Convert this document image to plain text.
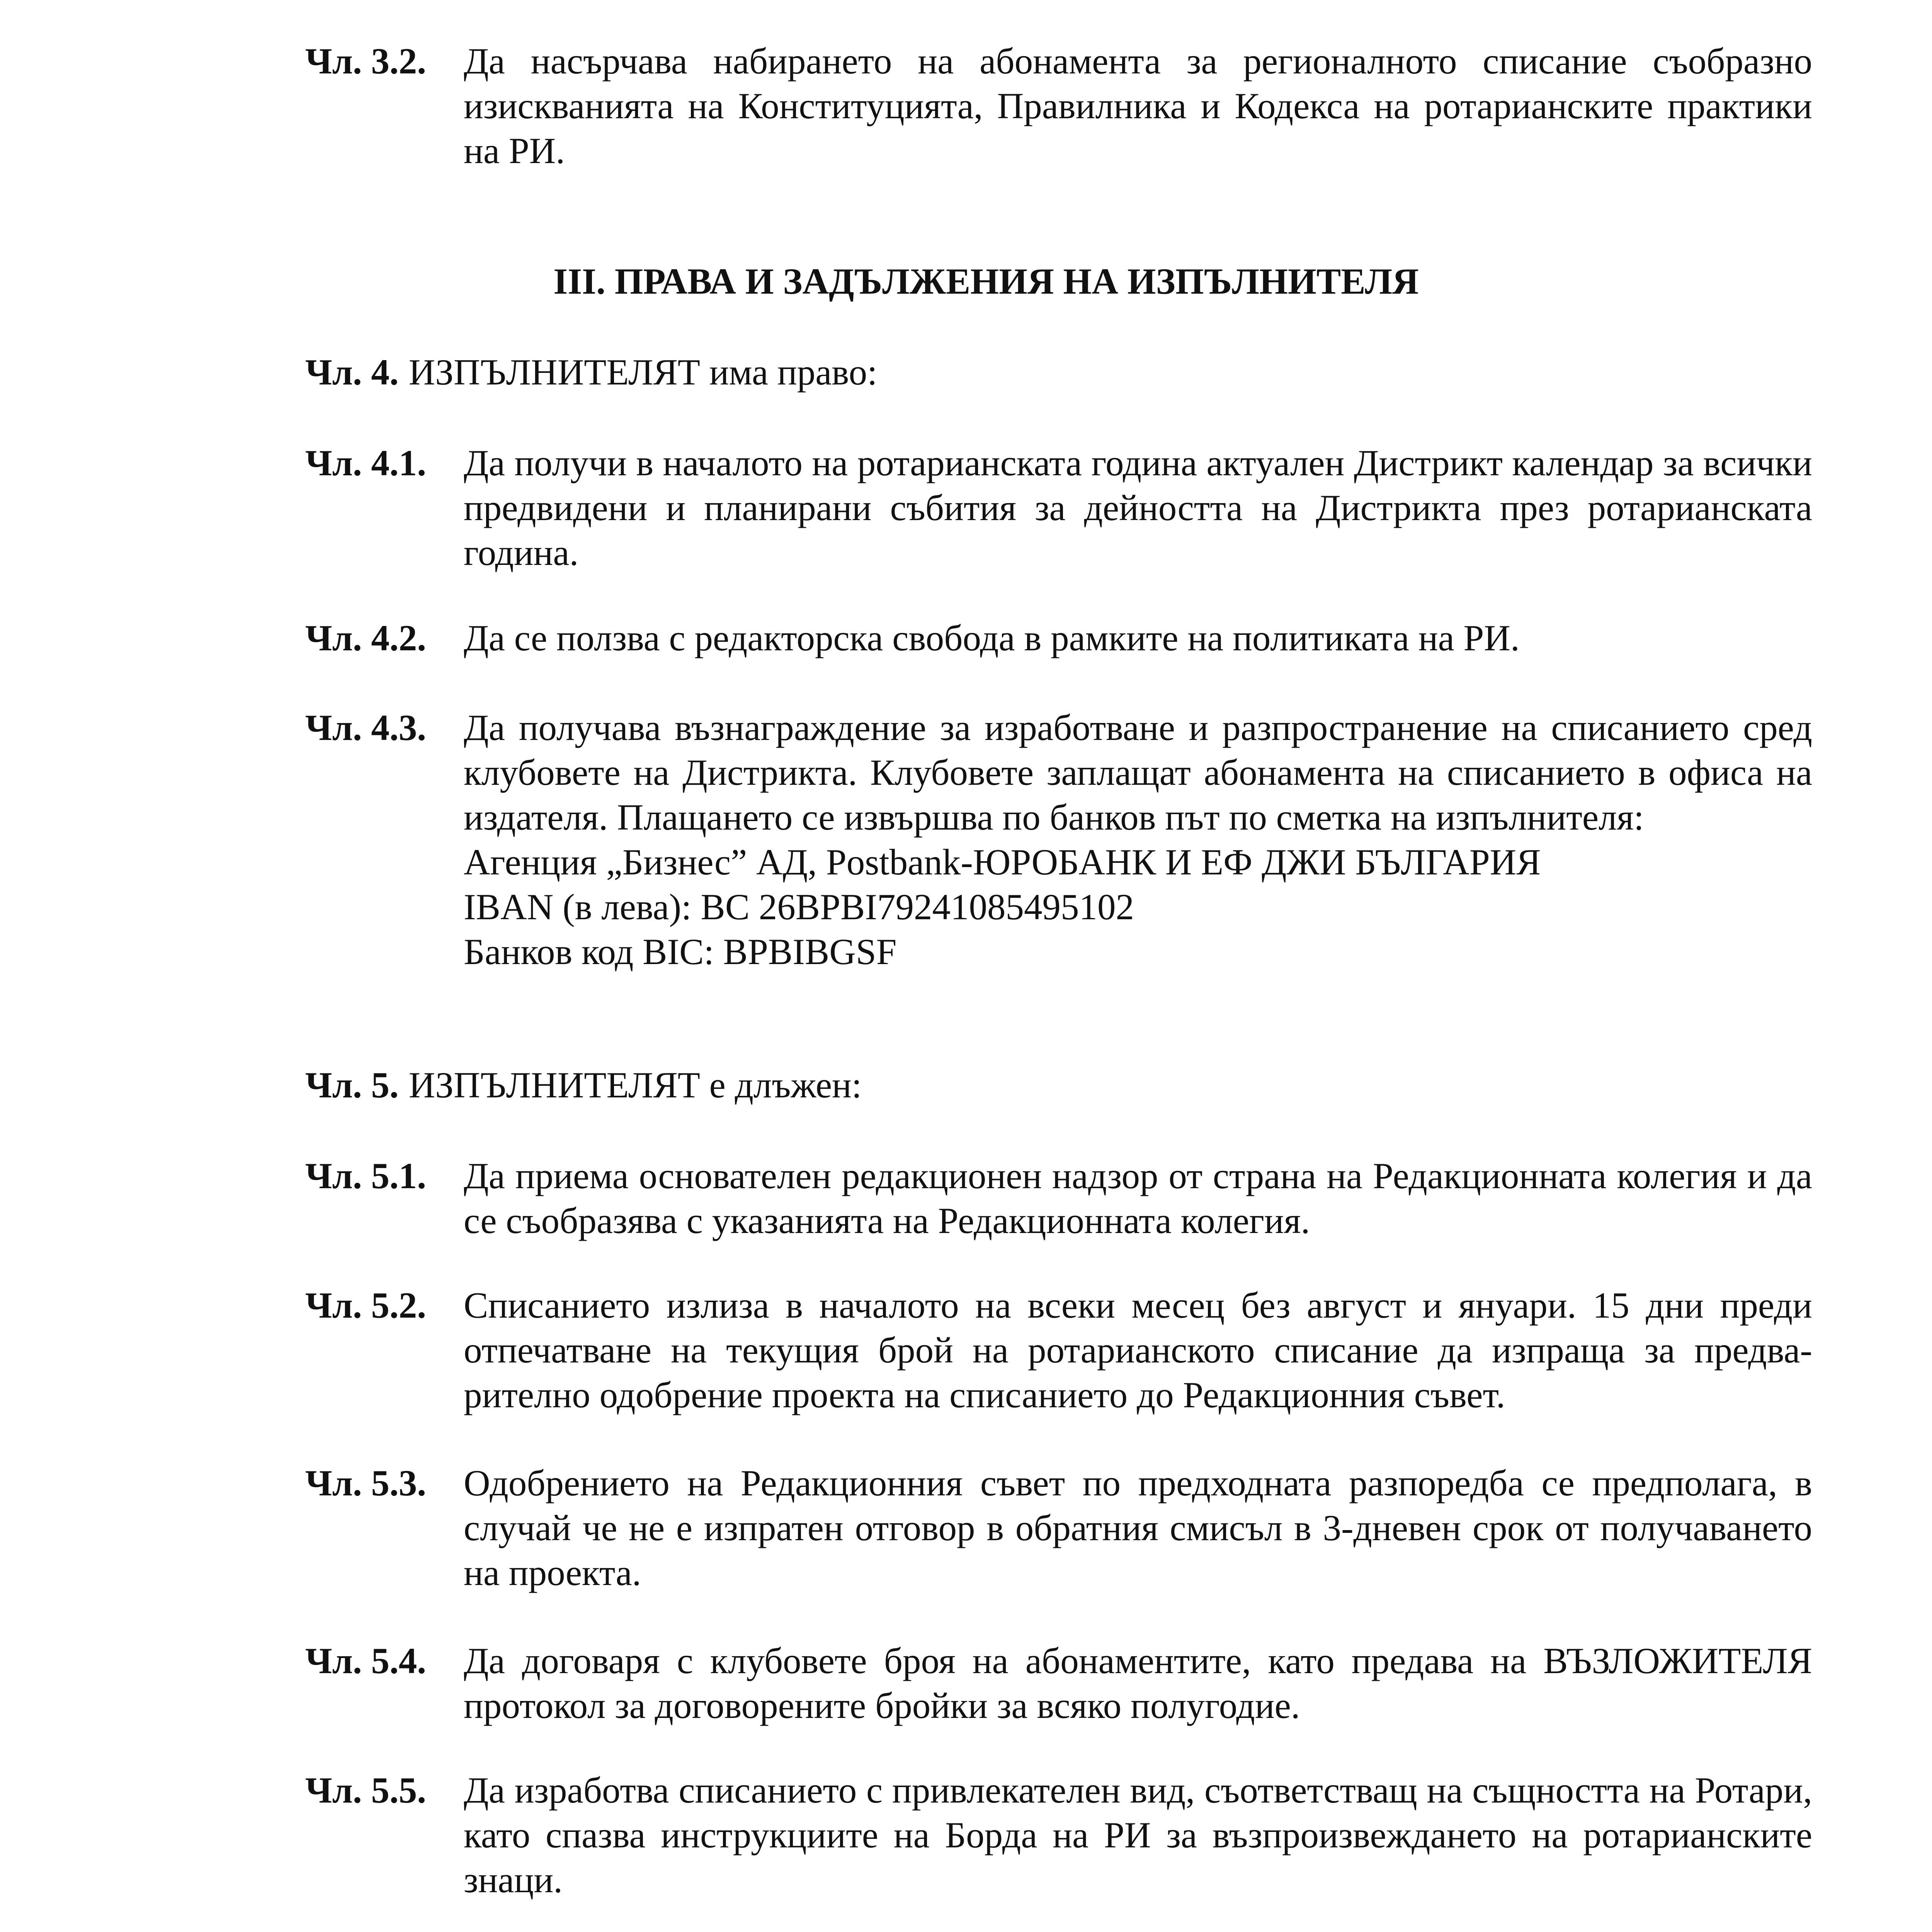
Чл. 3.2. Да насърчава набирането на абонамента за регионалното списание съобразно изискванията на Конституцията, Правилника и Кодекса на ротарианските практики на РИ.
III. ПРАВА И ЗАДЪЛЖЕНИЯ НА ИЗПЪЛНИТЕЛЯ
Чл. 4. ИЗПЪЛНИТЕЛЯТ има право:
Чл. 4.1. Да получи в началото на ротарианската година актуален Дистрикт календар за всички предвидени и планирани събития за дейността на Дистрикта през ротарианската година.
Чл. 4.2. Да се ползва с редакторска свобода в рамките на политиката на РИ.
Чл. 4.3. Да получава възнаграждение за изработване и разпространение на списанието сред клубовете на Дистрикта. Клубовете заплащат абонамента на списанието в офиса на издателя. Плащането се извършва по банков път по сметка на изпълнителя:
Агенция „Бизнес” АД, Postbank-ЮРОБАНК И ЕФ ДЖИ БЪЛГАРИЯ
IBAN (в лева): BC 26BPBI79241085495102
Банков код BIC: BPBIBGSF
Чл. 5. ИЗПЪЛНИТЕЛЯТ е длъжен:
Чл. 5.1. Да приема основателен редакционен надзор от страна на Редакционната колегия и да се съобразява с указанията на Редакционната колегия.
Чл. 5.2. Списанието излиза в началото на всеки месец без август и януари. 15 дни преди отпечатване на текущия брой на ротарианското списание да изпраща за предварително одобрение проекта на списанието до Редакционния съвет.
Чл. 5.3. Одобрението на Редакционния съвет по предходната разпоредба се предполага, в случай че не е изпратен отговор в обратния смисъл в 3-дневен срок от получаването на проекта.
Чл. 5.4. Да договаря с клубовете броя на абонаментите, като предава на ВЪЗЛОЖИТЕЛЯ протокол за договорените бройки за всяко полугодие.
Чл. 5.5. Да изработва списанието с привлекателен вид, съответстващ на същността на Ротари, като спазва инструкциите на Борда на РИ за възпроизвеждането на ротарианските знаци.
